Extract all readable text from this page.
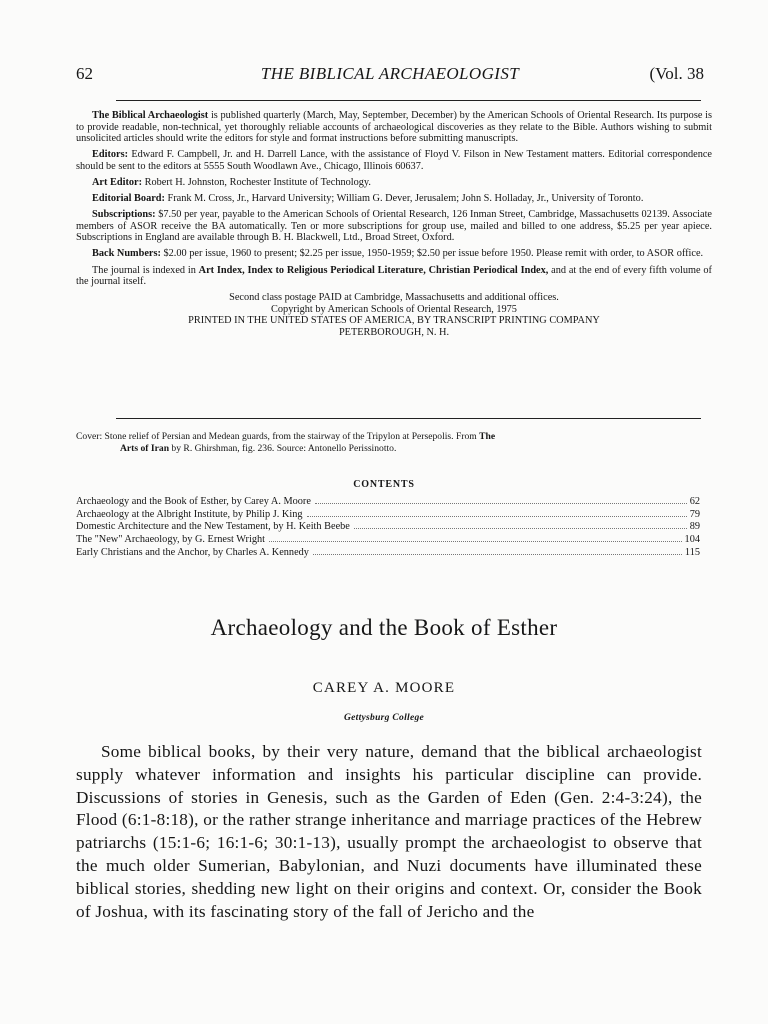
62	THE BIBLICAL ARCHAEOLOGIST	(Vol. 38

The Biblical Archaeologist is published quarterly (March, May, September, December) by the American Schools of Oriental Research. Its purpose is to provide readable, non-technical, yet thoroughly reliable accounts of archaeological discoveries as they relate to the Bible. Authors wishing to submit unsolicited articles should write the editors for style and format instructions before submitting manuscripts.

Editors: Edward F. Campbell, Jr. and H. Darrell Lance, with the assistance of Floyd V. Filson in New Testament matters. Editorial correspondence should be sent to the editors at 5555 South Woodlawn Ave., Chicago, Illinois 60637.

Art Editor: Robert H. Johnston, Rochester Institute of Technology.

Editorial Board: Frank M. Cross, Jr., Harvard University; William G. Dever, Jerusalem; John S. Holladay, Jr., University of Toronto.

Subscriptions: $7.50 per year, payable to the American Schools of Oriental Research, 126 Inman Street, Cambridge, Massachusetts 02139. Associate members of ASOR receive the BA automatically. Ten or more subscriptions for group use, mailed and billed to one address, $5.25 per year apiece. Subscriptions in England are available through B. H. Blackwell, Ltd., Broad Street, Oxford.

Back Numbers: $2.00 per issue, 1960 to present; $2.25 per issue, 1950-1959; $2.50 per issue before 1950. Please remit with order, to ASOR office.

The journal is indexed in Art Index, Index to Religious Periodical Literature, Christian Periodical Index, and at the end of every fifth volume of the journal itself.

Second class postage PAID at Cambridge, Massachusetts and additional offices.

Copyright by American Schools of Oriental Research, 1975

PRINTED IN THE UNITED STATES OF AMERICA, BY TRANSCRIPT PRINTING COMPANY

PETERBOROUGH, N. H.

Cover: Stone relief of Persian and Medean guards, from the stairway of the Tripylon at Persepolis. From The
Arts of Iran by R. Ghirshman, fig. 236. Source: Antonello Perissinotto.
CONTENTS
Archaeology and the Book of Esther, by Carey A. Moore	62
Archaeology at the Albright Institute, by Philip J. King	79
Domestic Architecture and the New Testament, by H. Keith Beebe	89
The "New" Archaeology, by G. Ernest Wright	104
Early Christians and the Anchor, by Charles A. Kennedy	115
Archaeology and the Book of Esther
CAREY A. MOORE
Gettysburg College

Some biblical books, by their very nature, demand that the biblical archaeologist supply whatever information and insights his particular discipline can provide. Discussions of stories in Genesis, such as the Garden of Eden (Gen. 2:4-3:24), the Flood (6:1-8:18), or the rather strange inheritance and marriage practices of the Hebrew patriarchs (15:1-6; 16:1-6; 30:1-13), usually prompt the archaeologist to observe that the much older Sumerian, Babylonian, and Nuzi documents have illuminated these biblical stories, shedding new light on their origins and context. Or, consider the Book of Joshua, with its fascinating story of the fall of Jericho and the
